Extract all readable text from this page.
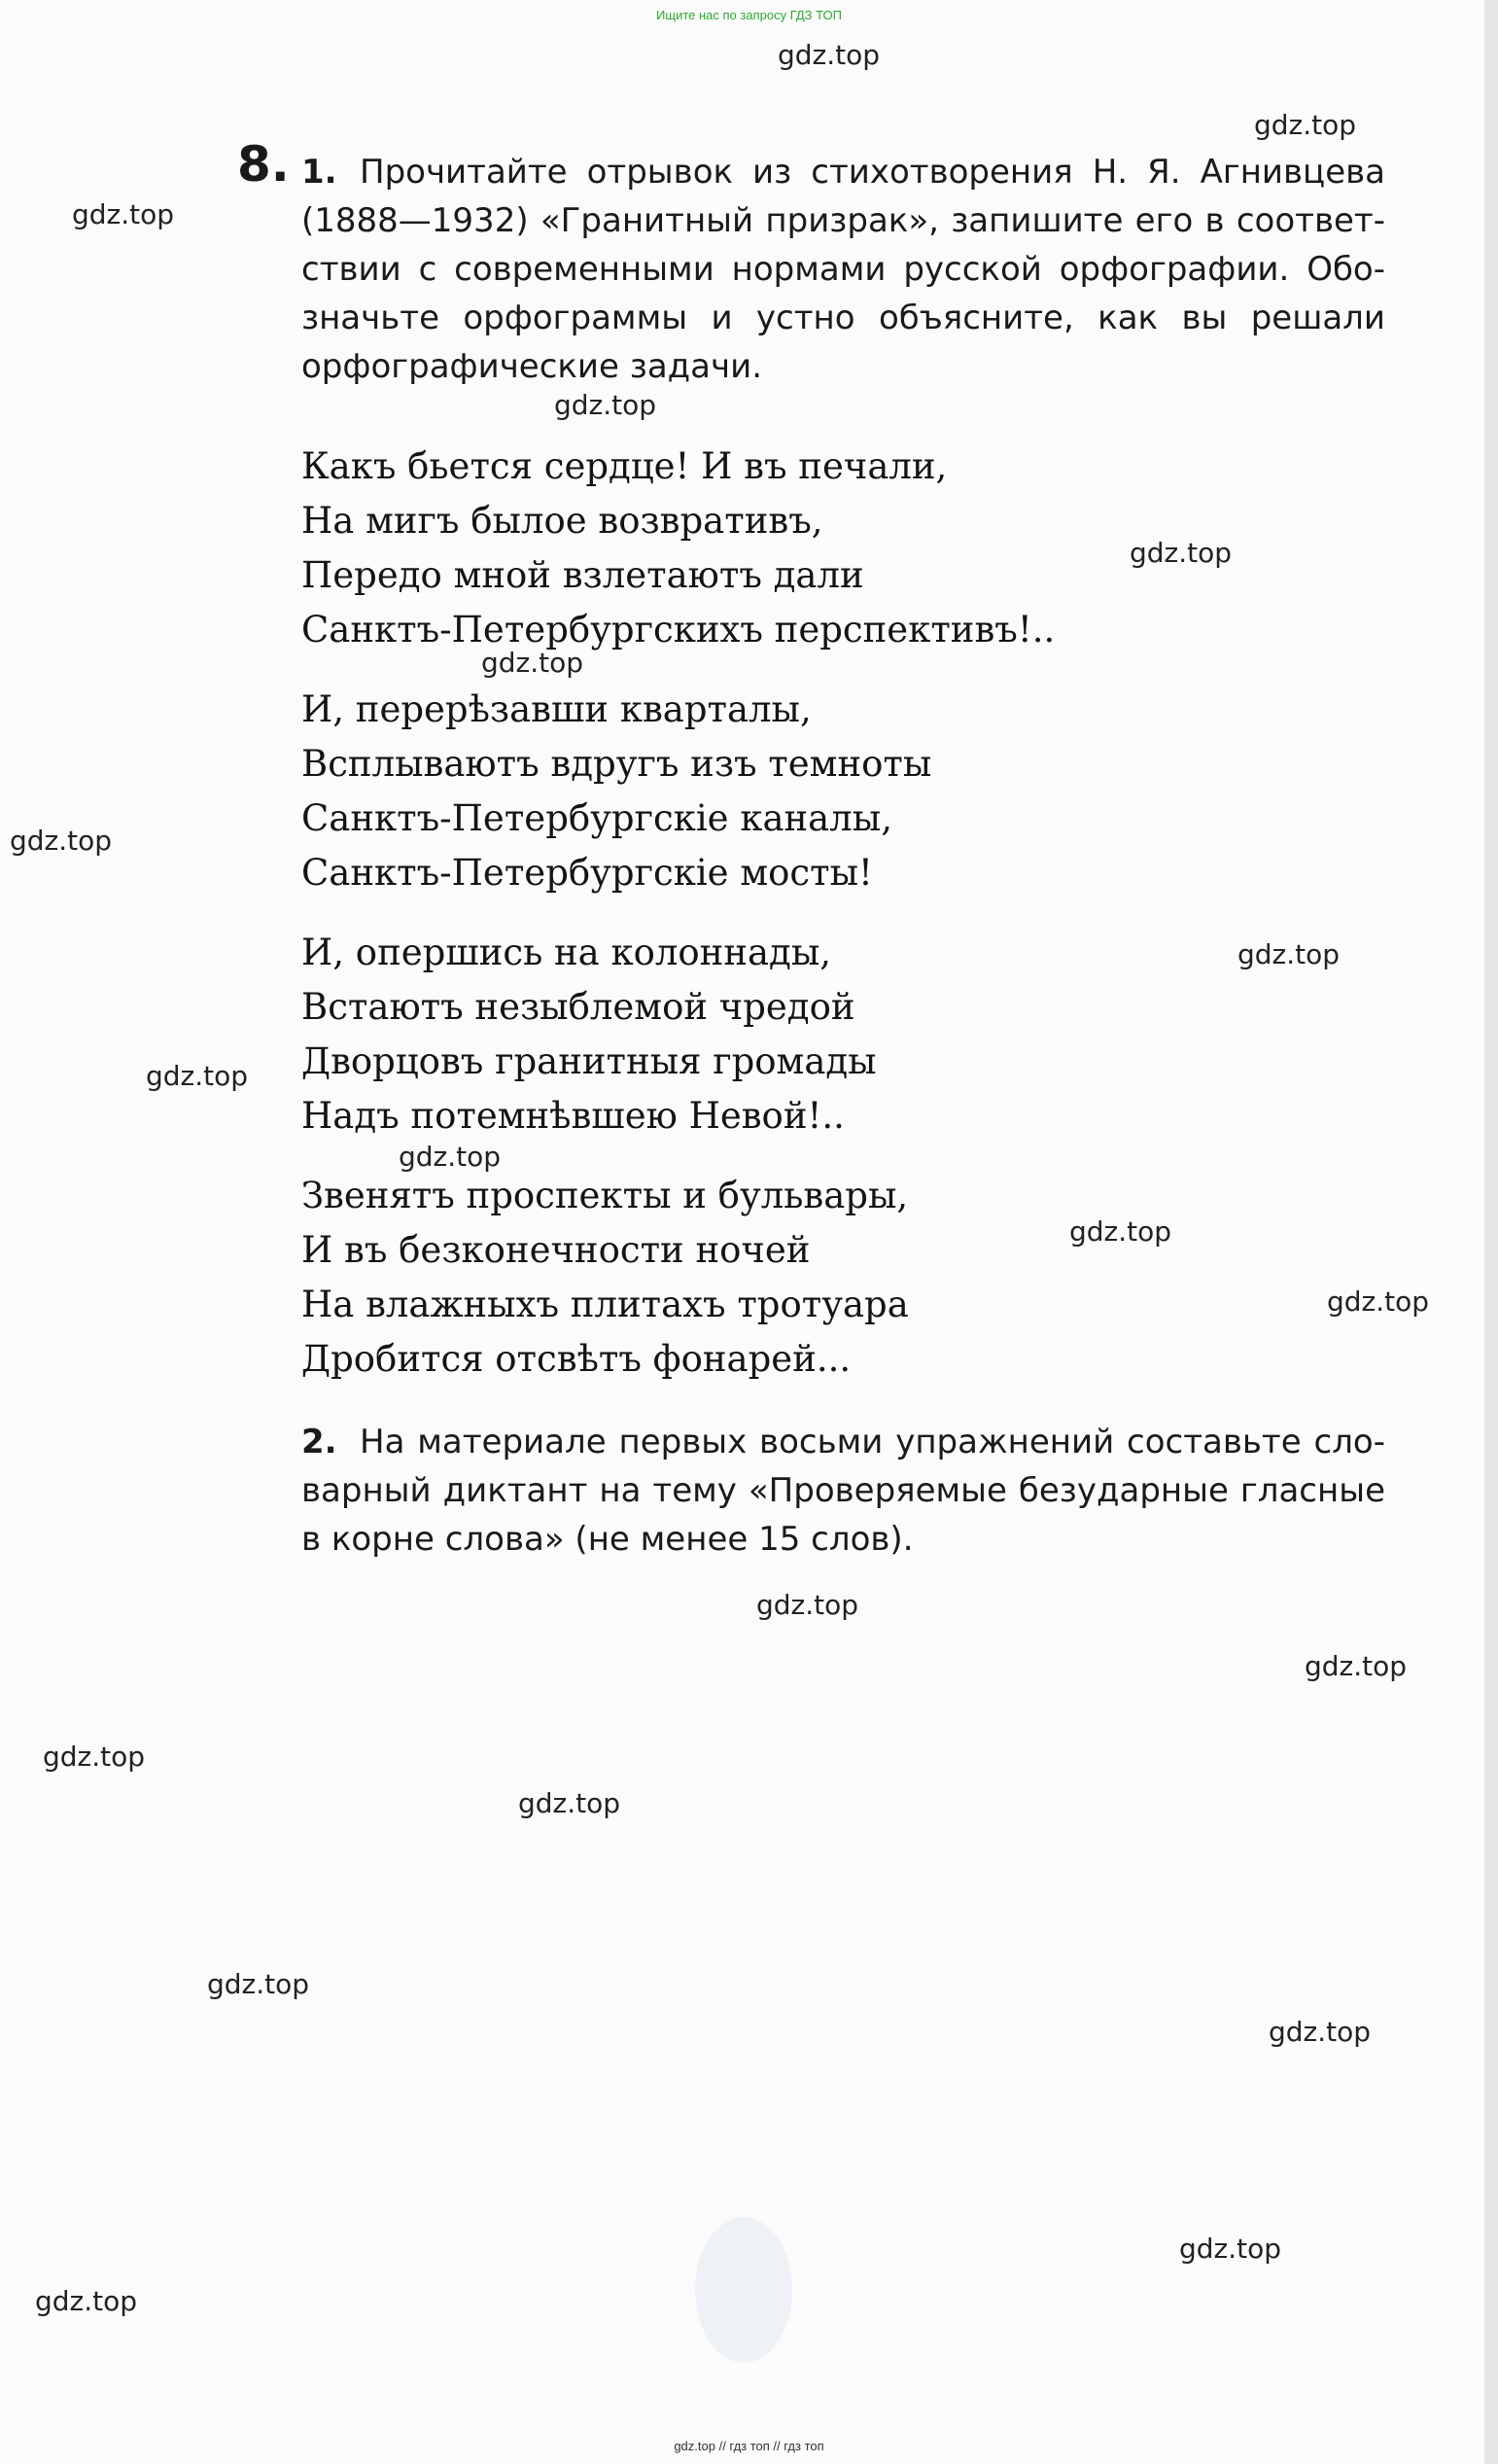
Ищите нас по запросу ГДЗ ТОП
gdz.top
gdz.top
gdz.top
gdz.top
gdz.top
gdz.top
gdz.top
gdz.top
gdz.top
gdz.top
gdz.top
gdz.top
gdz.top
gdz.top
gdz.top
gdz.top
gdz.top
gdz.top
gdz.top
gdz.top
8. 1. Прочитайте отрывок из стихотворения Н. Я. Агнивцева
(1888—1932) «Гранитный призрак», запишите его в соответ-
ствии с современными нормами русской орфографии. Обо-
значьте орфограммы и устно объясните, как вы решали
орфографические задачи.
Какъ бьется сердце! И въ печали,
На мигъ былое возвративъ,
Передо мной взлетаютъ дали
Санктъ-Петербургскихъ перспективъ!..
И, перерѣзавши кварталы,
Всплываютъ вдругъ изъ темноты
Санктъ-Петербургскіе каналы,
Санктъ-Петербургскіе мосты!
И, опершись на колоннады,
Встаютъ незыблемой чредой
Дворцовъ гранитныя громады
Надъ потемнѣвшею Невой!..
Звенятъ проспекты и бульвары,
И въ безконечности ночей
На влажныхъ плитахъ тротуара
Дробится отсвѣтъ фонарей...
2. На материале первых восьми упражнений составьте сло-
варный диктант на тему «Проверяемые безударные гласные
в корне слова» (не менее 15 слов).
gdz.top // гдз топ // гдз топ
